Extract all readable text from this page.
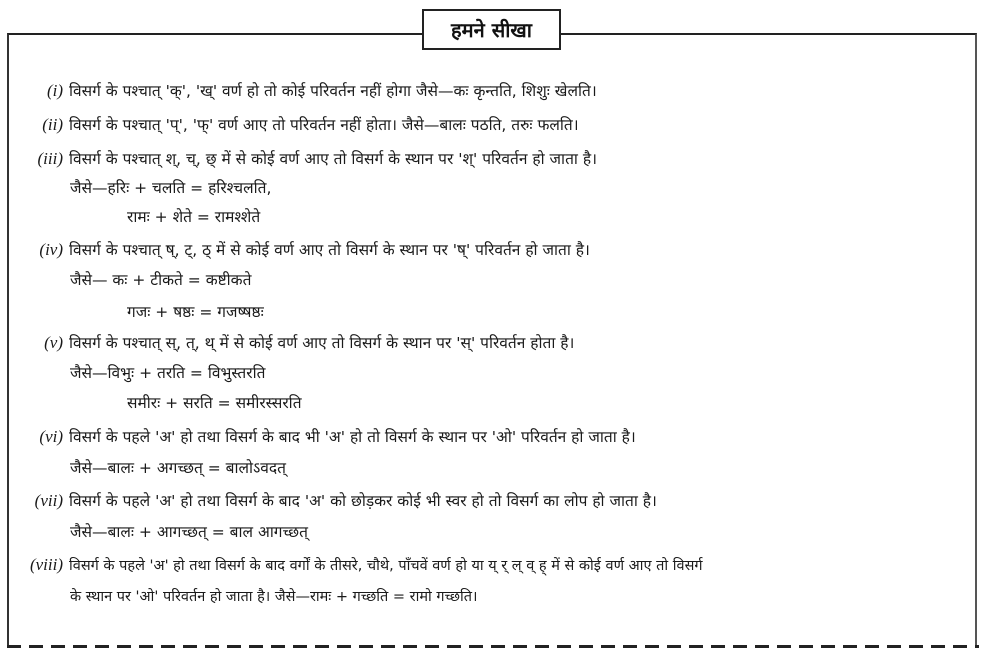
हमने सीखा
(i) विसर्ग के पश्चात् 'क्', 'ख्' वर्ण हो तो कोई परिवर्तन नहीं होगा जैसे—कः कृन्तति, शिशुः खेलति।
(ii) विसर्ग के पश्चात् 'प्', 'फ्' वर्ण आए तो परिवर्तन नहीं होता। जैसे—बालः पठति, तरुः फलति।
(iii) विसर्ग के पश्चात् श्, च्, छ् में से कोई वर्ण आए तो विसर्ग के स्थान पर 'श्' परिवर्तन हो जाता है।
जैसे—हरिः + चलति = हरिश्चलति,
रामः + शेते = रामश्शेते
(iv) विसर्ग के पश्चात् ष्, ट्, ठ् में से कोई वर्ण आए तो विसर्ग के स्थान पर 'ष्' परिवर्तन हो जाता है।
जैसे— कः + टीकते = कष्टीकते
गजः + षष्ठः = गजष्षष्ठः
(v) विसर्ग के पश्चात् स्, त्, थ् में से कोई वर्ण आए तो विसर्ग के स्थान पर 'स्' परिवर्तन होता है।
जैसे—विभुः + तरति = विभुस्तरति
समीरः + सरति = समीरस्सरति
(vi) विसर्ग के पहले 'अ' हो तथा विसर्ग के बाद भी 'अ' हो तो विसर्ग के स्थान पर 'ओ' परिवर्तन हो जाता है।
जैसे—बालः + अगच्छत् = बालोऽवदत्
(vii) विसर्ग के पहले 'अ' हो तथा विसर्ग के बाद 'अ' को छोड़कर कोई भी स्वर हो तो विसर्ग का लोप हो जाता है।
जैसे—बालः + आगच्छत् = बाल आगच्छत्
(viii) विसर्ग के पहले 'अ' हो तथा विसर्ग के बाद वर्गों के तीसरे, चौथे, पाँचवें वर्ण हो या य् र् ल् व् ह् में से कोई वर्ण आए तो विसर्ग
के स्थान पर 'ओ' परिवर्तन हो जाता है। जैसे—रामः + गच्छति = रामो गच्छति।
